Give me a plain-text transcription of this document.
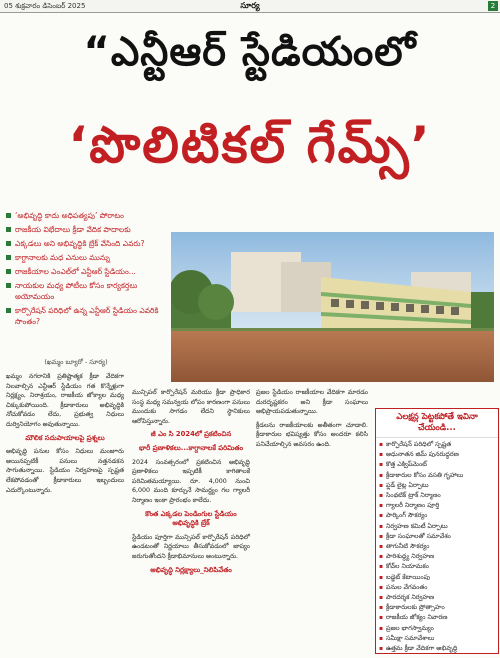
05 శుక్రవారం డిసెంబర్ 2025	సూర్య	2
“ఎన్టీఆర్ స్టేడియంలో
‘పొలిటికల్ గేమ్స్’
‘అభివృద్ధి కాదు అధిపత్యపు’ పోరాటం
రాజకీయ విభేదాలు క్రీడా వేదిక పాదాలకు
ఎక్కడలు అని అభివృద్ధికి బ్రేక్ వేసింది ఎవరు?
కాగ్దానాలకు మధ ఎనులు మున్ను
రాజకీయాల ఎంఎల్‌లో ఎన్టీఆర్ స్టేడియం...
నాయకుల మధ్య పోటీలు కోసం కార్యకర్తలు అయోమయం
కార్పొరేషన్ పరిధిలో ఉన్న ఎన్టీఆర్ స్టేడియం ఎవరికి సొంతం?
(ఖమ్మం బ్యూరో - సూర్య)

ఖమ్మం నగరానికి ప్రతిష్టాత్మక క్రీడా వేదికగా నిలవాల్సిన ఎన్టీఆర్ స్టేడియం గత కొన్నేళ్లుగా నిర్లక్ష్యం, నిరాశ్రయం, రాజకీయ జోక్యాల మధ్య చిక్కుకుపోయింది. క్రీడాకారులు అభివృద్ధికి నోచుకోవడం లేదు, ప్రభుత్వ నిధులు దుర్వినియోగం అవుతున్నాయి.

మౌలిక సదుపాయాలపై ప్రశ్నలు

అభివృద్ధి పనుల కోసం నిధులు మంజూరు అయినప్పటికీ పనులు నత్తనడకన సాగుతున్నాయి. స్టేడియం నిర్వహణపై స్పష్టత లేకపోవడంతో క్రీడాకారులు ఇబ్బందులు ఎదుర్కొంటున్నారు.

మున్సిపల్ కార్పొరేషన్ మరియు క్రీడా ప్రాధికార సంస్థ మధ్య సమన్వయ లోపం కారణంగా పనులు ముందుకు సాగడం లేదని స్థానికులు ఆరోపిస్తున్నారు.

జీ ఎం సి 2024లో ప్రకటించిన
భారీ ప్రణాళికలు...కాగ్దానాలకే పరిమితం

2024 సంవత్సరంలో ప్రకటించిన అభివృద్ధి ప్రణాళికలు ఇప్పటికీ కాగితాలకే పరిమితమయ్యాయి. రూ. 4,000 నుంచి 6,000 మంది కూర్చునే సామర్థ్యం గల గ్యాలరీ నిర్మాణం ఇంకా ప్రారంభం కాలేదు.

కొంత ఎక్కడల పెండింగుల స్టేడియం అభివృద్ధికి బ్రేక్

స్టేడియం పూర్తిగా మున్సిపల్ కార్పొరేషన్ పరిధిలో ఉండటంతో నిర్ణయాలు తీసుకోవడంలో జాప్యం జరుగుతోందని క్రీడాభిమానులు అంటున్నారు.

అభివృద్ధి నిర్లక్ష్యాలు_నిలిపివేతం

ప్రజల స్టేడియం రాజకీయాల వేదికగా మారడం దురదృష్టకరం అని క్రీడా సంఘాలు అభిప్రాయపడుతున్నాయి.

క్రీడలను రాజకీయాలకు అతీతంగా చూడాలి. క్రీడాకారుల భవిష్యత్తు కోసం అందరూ కలిసి పనిచేయాల్సిన అవసరం ఉంది.

ఎలక్షన్ల పెట్టకపోతే ఇవినా చేయండి...
▪ కార్పొరేషన్ పరిధిలో స్పష్టత
▪ అధునాతన జిమ్ పునరుద్ధరణ
▪ కొత్త ఎక్విప్‌మెంట్
▪ క్రీడాకారుల కోసం వసతి గృహాలు
▪ ఫ్లడ్ లైట్ల ఏర్పాటు
▪ సింథటిక్ ట్రాక్ నిర్మాణం
▪ గ్యాలరీ నిర్మాణం పూర్తి
▪ పార్కింగ్ సౌకర్యం
▪ నిర్వహణ కమిటీ ఏర్పాటు
▪ క్రీడా సంఘాలతో సమావేశం
▪ తాగునీటి సౌకర్యం
▪ పారిశుద్ధ్య నిర్వహణ
▪ కోచ్‌ల నియామకం
▪ బడ్జెట్ కేటాయింపు
▪ పనుల వేగవంతం
▪ పారదర్శక నిర్వహణ
▪ క్రీడాకారులకు ప్రోత్సాహం
▪ రాజకీయ జోక్యం నివారణ
▪ ప్రజల భాగస్వామ్యం
▪ సమీక్షా సమావేశాలు
▪ ఉత్తమ క్రీడా వేదికగా అభివృద్ధి
